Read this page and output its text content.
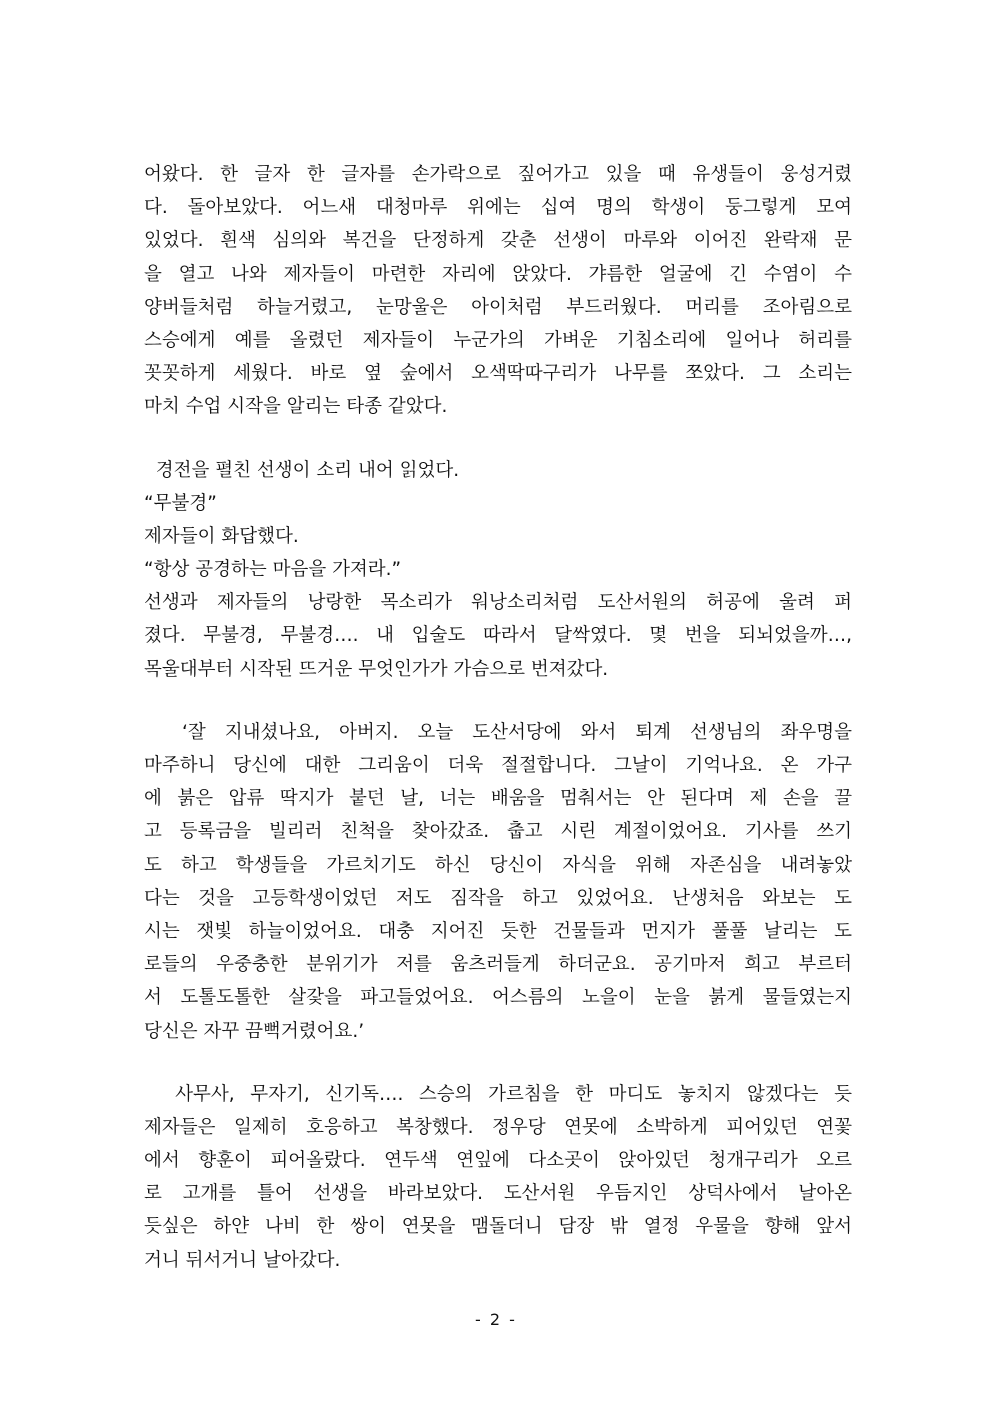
어왔다. 한 글자 한 글자를 손가락으로 짚어가고 있을 때 유생들이 웅성거렸
다. 돌아보았다. 어느새 대청마루 위에는 십여 명의 학생이 둥그렇게 모여
있었다. 흰색 심의와 복건을 단정하게 갖춘 선생이 마루와 이어진 완락재 문
을 열고 나와 제자들이 마련한 자리에 앉았다. 갸름한 얼굴에 긴 수염이 수
양버들처럼 하늘거렸고, 눈망울은 아이처럼 부드러웠다. 머리를 조아림으로
스승에게 예를 올렸던 제자들이 누군가의 가벼운 기침소리에 일어나 허리를
꼿꼿하게 세웠다. 바로 옆 숲에서 오색딱따구리가 나무를 쪼았다. 그 소리는
마치 수업 시작을 알리는 타종 같았다.
경전을 펼친 선생이 소리 내어 읽었다.
“무불경”
제자들이 화답했다.
“항상 공경하는 마음을 가져라.”
선생과 제자들의 낭랑한 목소리가 워낭소리처럼 도산서원의 허공에 울려 퍼
졌다. 무불경, 무불경…. 내 입술도 따라서 달싹였다. 몇 번을 되뇌었을까…,
목울대부터 시작된 뜨거운 무엇인가가 가슴으로 번져갔다.
‘잘 지내셨나요, 아버지. 오늘 도산서당에 와서 퇴계 선생님의 좌우명을
마주하니 당신에 대한 그리움이 더욱 절절합니다. 그날이 기억나요. 온 가구
에 붉은 압류 딱지가 붙던 날, 너는 배움을 멈춰서는 안 된다며 제 손을 끌
고 등록금을 빌리러 친척을 찾아갔죠. 춥고 시린 계절이었어요. 기사를 쓰기
도 하고 학생들을 가르치기도 하신 당신이 자식을 위해 자존심을 내려놓았
다는 것을 고등학생이었던 저도 짐작을 하고 있었어요. 난생처음 와보는 도
시는 잿빛 하늘이었어요. 대충 지어진 듯한 건물들과 먼지가 풀풀 날리는 도
로들의 우중충한 분위기가 저를 움츠러들게 하더군요. 공기마저 희고 부르터
서 도톨도톨한 살갗을 파고들었어요. 어스름의 노을이 눈을 붉게 물들였는지
당신은 자꾸 끔뻑거렸어요.’
사무사, 무자기, 신기독…. 스승의 가르침을 한 마디도 놓치지 않겠다는 듯
제자들은 일제히 호응하고 복창했다. 정우당 연못에 소박하게 피어있던 연꽃
에서 향훈이 피어올랐다. 연두색 연잎에 다소곳이 앉아있던 청개구리가 오르
로 고개를 틀어 선생을 바라보았다. 도산서원 우듬지인 상덕사에서 날아온
듯싶은 하얀 나비 한 쌍이 연못을 맴돌더니 담장 밖 열정 우물을 향해 앞서
거니 뒤서거니 날아갔다.
- 2 -
